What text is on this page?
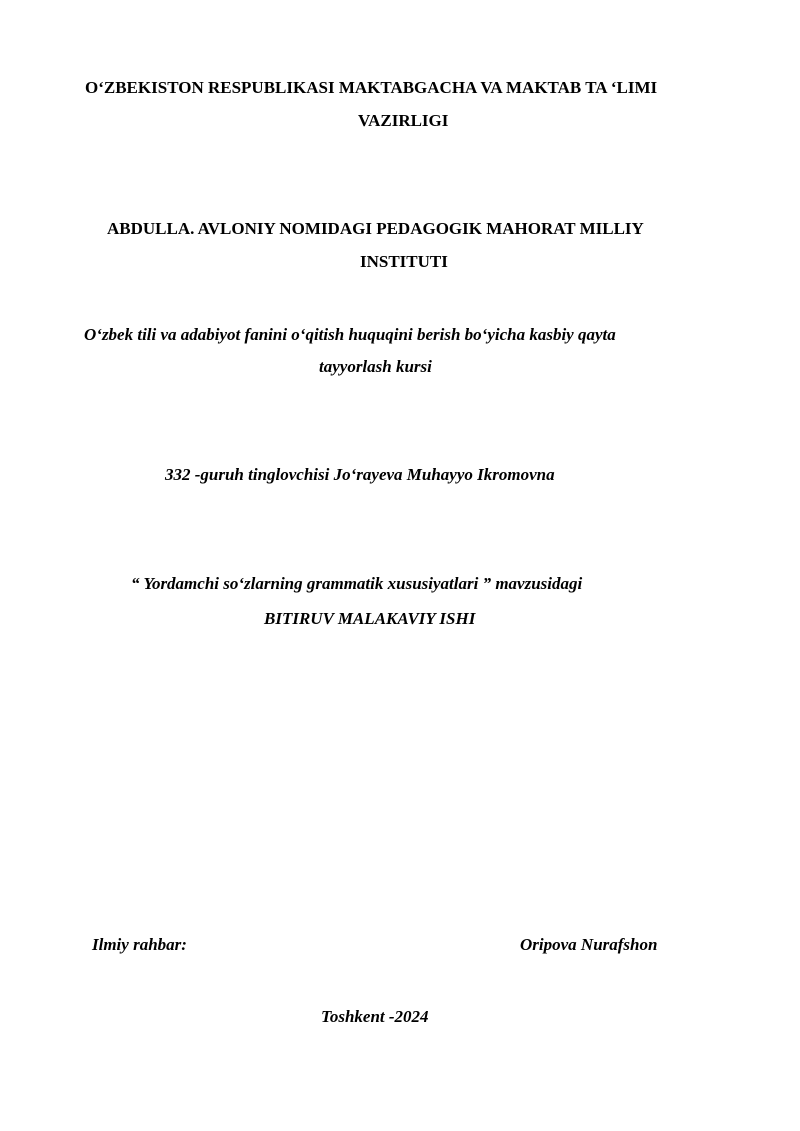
O‘ZBEKISTON RESPUBLIKASI MAKTABGACHA VA MAKTAB TA ‘LIMI
VAZIRLIGI
ABDULLA. AVLONIY NOMIDAGI PEDAGOGIK MAHORAT MILLIY
INSTITUTI
O‘zbek tili va adabiyot fanini o‘qitish huquqini berish bo‘yicha kasbiy qayta
tayyorlash kursi
332 -guruh tinglovchisi Jo‘rayeva Muhayyo Ikromovna
“ Yordamchi so‘zlarning grammatik xususiyatlari ” mavzusidagi
BITIRUV MALAKAVIY ISHI
Ilmiy rahbar:	Oripova Nurafshon
Toshkent -2024
